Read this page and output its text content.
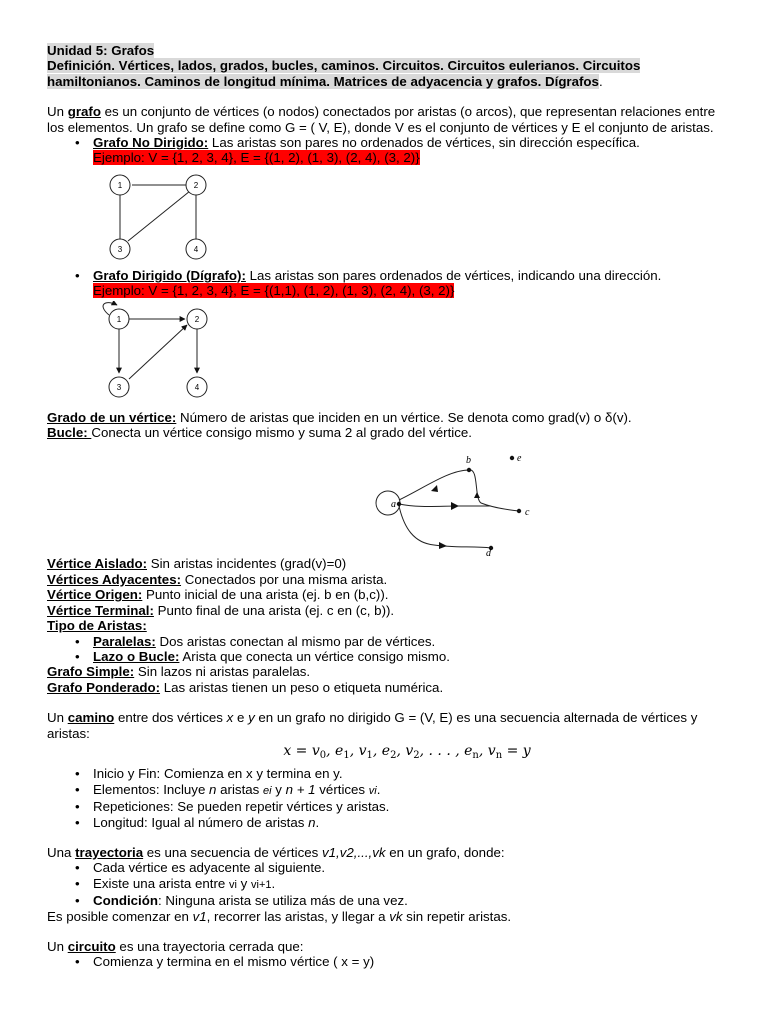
Unidad 5: Grafos

Definición. Vértices, lados, grados, bucles, caminos. Circuitos. Circuitos eulerianos. Circuitos hamiltonianos. Caminos de longitud mínima. Matrices de adyacencia y grafos. Dígrafos.

Un grafo es un conjunto de vértices (o nodos) conectados por aristas (o arcos), que representan relaciones entre los elementos. Un grafo se define como G = ( V, E), donde V es el conjunto de vértices y E el conjunto de aristas.

• Grafo No Dirigido: Las aristas son pares no ordenados de vértices, sin dirección específica.
Ejemplo: V = {1, 2, 3, 4}, E = {(1, 2), (1, 3), (2, 4), (3, 2)}
1	2
3	4
• Grafo Dirigido (Dígrafo): Las aristas son pares ordenados de vértices, indicando una dirección.
Ejemplo: V = {1, 2, 3, 4}, E = {(1,1), (1, 2), (1, 3), (2, 4), (3, 2)}
1	2
3	4

Grado de un vértice: Número de aristas que inciden en un vértice. Se denota como grad(v) o δ(v).

Bucle: Conecta un vértice consigo mismo y suma 2 al grado del vértice.

a
b
c
d
e

Vértice Aislado: Sin aristas incidentes (grad(v)=0)

Vértices Adyacentes: Conectados por una misma arista.

Vértice Origen: Punto inicial de una arista (ej. b en (b,c)).

Vértice Terminal: Punto final de una arista (ej. c en (c, b)).

Tipo de Aristas:

• Paralelas: Dos aristas conectan al mismo par de vértices.
• Lazo o Bucle: Arista que conecta un vértice consigo mismo.

Grafo Simple: Sin lazos ni aristas paralelas.

Grafo Ponderado: Las aristas tienen un peso o etiqueta numérica.

Un camino entre dos vértices x e y en un grafo no dirigido G = (V, E) es una secuencia alternada de vértices y aristas:

$x = v_0$, $e_1$, $v_1$, $e_2$, $v_2$, . . . , $e_n$, $v_n = y$
• Inicio y Fin: Comienza en x y termina en y.
• Elementos: Incluye n aristas ei y n + 1 vértices vi.
• Repeticiones: Se pueden repetir vértices y aristas.
• Longitud: Igual al número de aristas n.

Una trayectoria es una secuencia de vértices v1,v2,...,vk en un grafo, donde:

• Cada vértice es adyacente al siguiente.
• Existe una arista entre vi y vi+1.
• Condición: Ninguna arista se utiliza más de una vez.

Es posible comenzar en v1, recorrer las aristas, y llegar a vk sin repetir aristas.

Un circuito es una trayectoria cerrada que:

• Comienza y termina en el mismo vértice ( x = y)
